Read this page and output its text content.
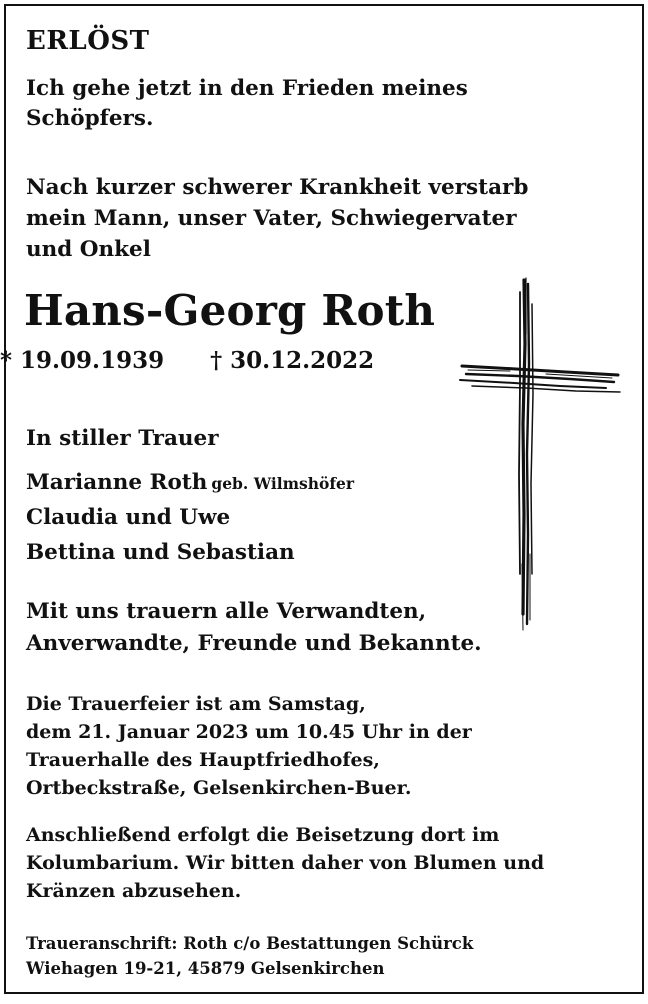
ERLÖST
Ich gehe jetzt in den Frieden meines
Schöpfers.
Nach kurzer schwerer Krankheit verstarb
mein Mann, unser Vater, Schwiegervater
und Onkel
Hans-Georg Roth
* 19.09.1939 † 30.12.2022
In stiller Trauer
Marianne Roth geb. Wilmshöfer
Claudia und Uwe
Bettina und Sebastian
Mit uns trauern alle Verwandten,
Anverwandte, Freunde und Bekannte.
Die Trauerfeier ist am Samstag,
dem 21. Januar 2023 um 10.45 Uhr in der
Trauerhalle des Hauptfriedhofes,
Ortbeckstraße, Gelsenkirchen-Buer.
Anschließend erfolgt die Beisetzung dort im
Kolumbarium. Wir bitten daher von Blumen und
Kränzen abzusehen.
Traueranschrift: Roth c/o Bestattungen Schürck
Wiehagen 19-21, 45879 Gelsenkirchen
